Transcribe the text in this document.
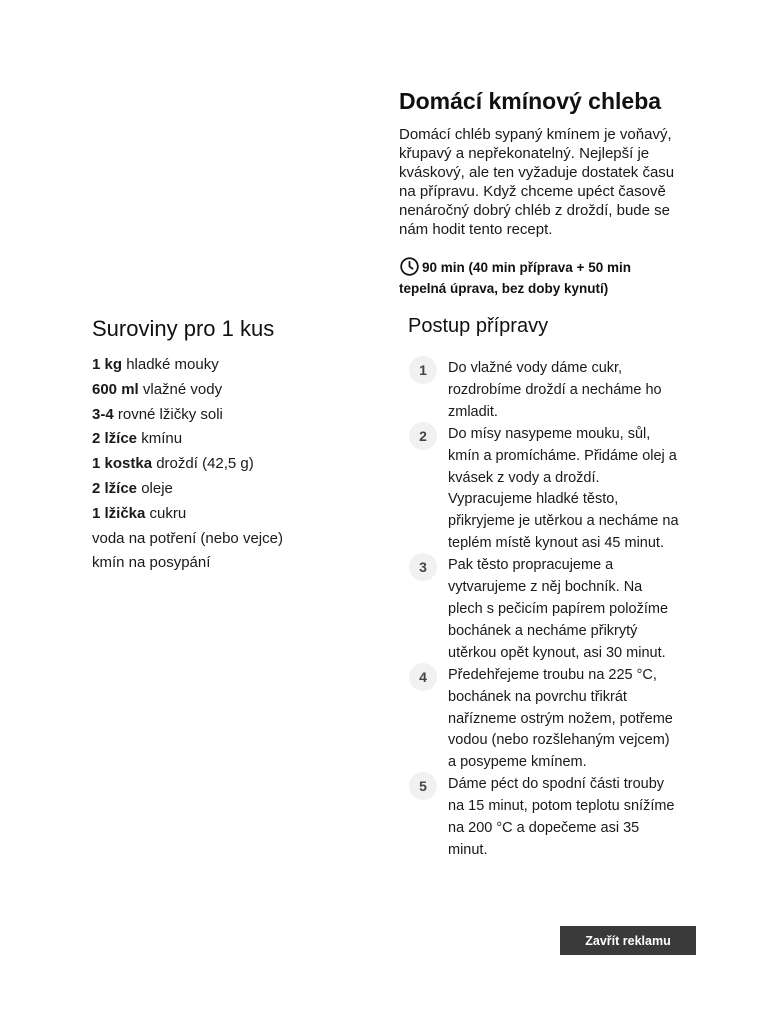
Domácí kmínový chleba

Domácí chléb sypaný kmínem je voňavý, křupavý a nepřekonatelný. Nejlepší je kváskový, ale ten vyžaduje dostatek času na přípravu. Když chceme upéct časově nenáročný dobrý chléb z droždí, bude se nám hodit tento recept.

90 min (40 min příprava + 50 min tepelná úprava, bez doby kynutí)
Suroviny pro 1 kus
1 kg hladké mouky
600 ml vlažné vody
3-4 rovné lžičky soli
2 lžíce kmínu
1 kostka droždí (42,5 g)
2 lžíce oleje
1 lžička cukru
voda na potření (nebo vejce)
kmín na posypání
Postup přípravy
1	Do vlažné vody dáme cukr, rozdrobíme droždí a necháme ho zmladit.
2	Do mísy nasypeme mouku, sůl, kmín a promícháme. Přidáme olej a kvásek z vody a droždí. Vypracujeme hladké těsto, přikryjeme je utěrkou a necháme na teplém místě kynout asi 45 minut.
3	Pak těsto propracujeme a vytvarujeme z něj bochník. Na plech s pečicím papírem položíme bochánek a necháme přikrytý utěrkou opět kynout, asi 30 minut.
4	Předehřejeme troubu na 225 °C, bochánek na povrchu třikrát nařízneme ostrým nožem, potřeme vodou (nebo rozšlehaným vejcem) a posypeme kmínem.
5	Dáme péct do spodní části trouby na 15 minut, potom teplotu snížíme na 200 °C a dopečeme asi 35 minut.
Zavřít reklamu
